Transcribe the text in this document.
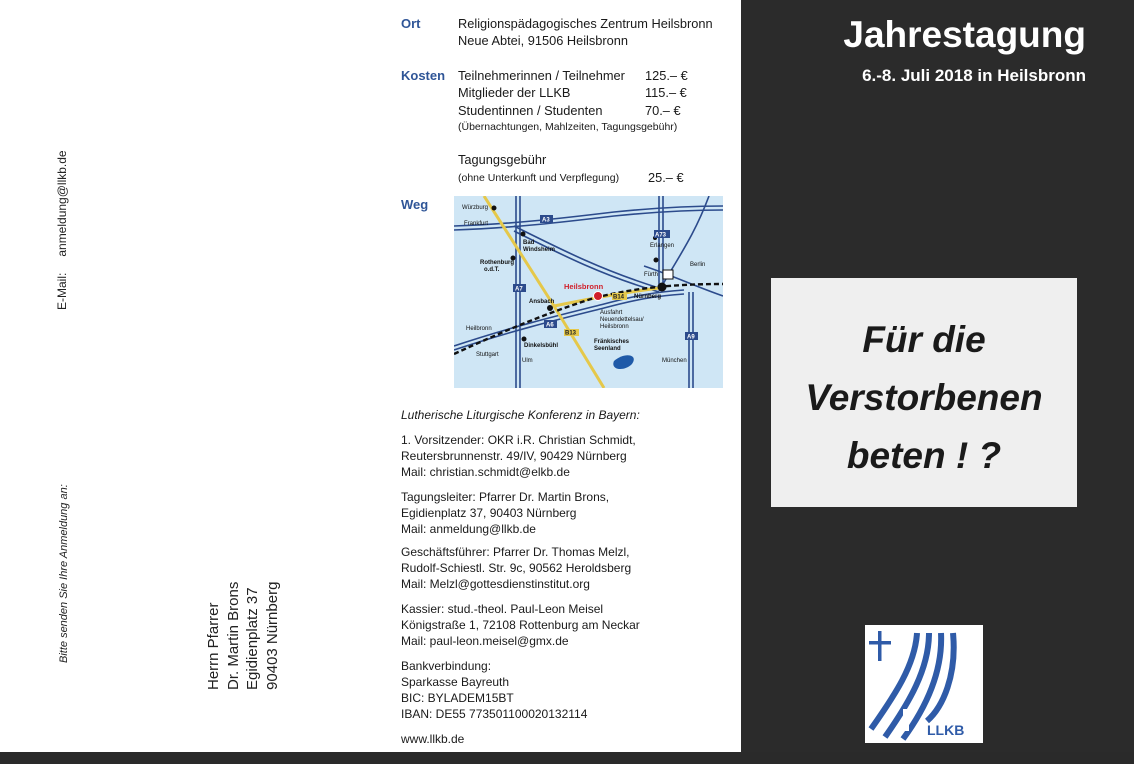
E-Mail:anmeldung@llkb.de
Bitte senden Sie Ihre Anmeldung an:	Herrn Pfarrer Dr. Martin Brons Egidienplatz 37 90403 Nürnberg
Ort	Religionspädagogisches Zentrum Heilsbronn
Neue Abtei, 91506 Heilsbronn
Kosten Teilnehmerinnen / Teilnehmer 125.– €
Mitglieder der LLKB	115.– €
Studentinnen / Studenten	70.– €
(Übernachtungen, Mahlzeiten, Tagungsgebühr)
Tagungsgebühr
(ohne Unterkunft und Verpflegung) 25.– €
Weg
A3
A73
A7
A6
A9
B14
B13
Würzburg
Frankfurt
Bad
Windsheim
Rothenburg
o.d.T.
Erlangen
Berlin
Fürth
Heilsbronn
Nürnberg
Ansbach
Ausfahrt
Neuendettelsau/
Heilsbronn
Heilbronn
Stuttgart
Dinkelsbühl
Fränkisches
Seenland
Ulm	München
Lutherische Liturgische Konferenz in Bayern:
1. Vorsitzender: OKR i.R. Christian Schmidt,
Reutersbrunnenstr. 49/IV, 90429 Nürnberg
Mail: christian.schmidt@elkb.de
Tagungsleiter: Pfarrer Dr. Martin Brons,
Egidienplatz 37, 90403 Nürnberg
Mail: anmeldung@llkb.de
Geschäftsführer: Pfarrer Dr. Thomas Melzl,
Rudolf-Schiestl. Str. 9c, 90562 Heroldsberg
Mail: Melzl@gottesdienstinstitut.org
Kassier: stud.-theol. Paul-Leon Meisel
Königstraße 1, 72108 Rottenburg am Neckar
Mail: paul-leon.meisel@gmx.de
Bankverbindung:
Sparkasse Bayreuth
BIC: BYLADEM15BT
IBAN: DE55 773501100020132114
www.llkb.de
Jahrestagung
6.-8. Juli 2018 in Heilsbronn
Für die
Verstorbenen
beten ! ?
LLKB
